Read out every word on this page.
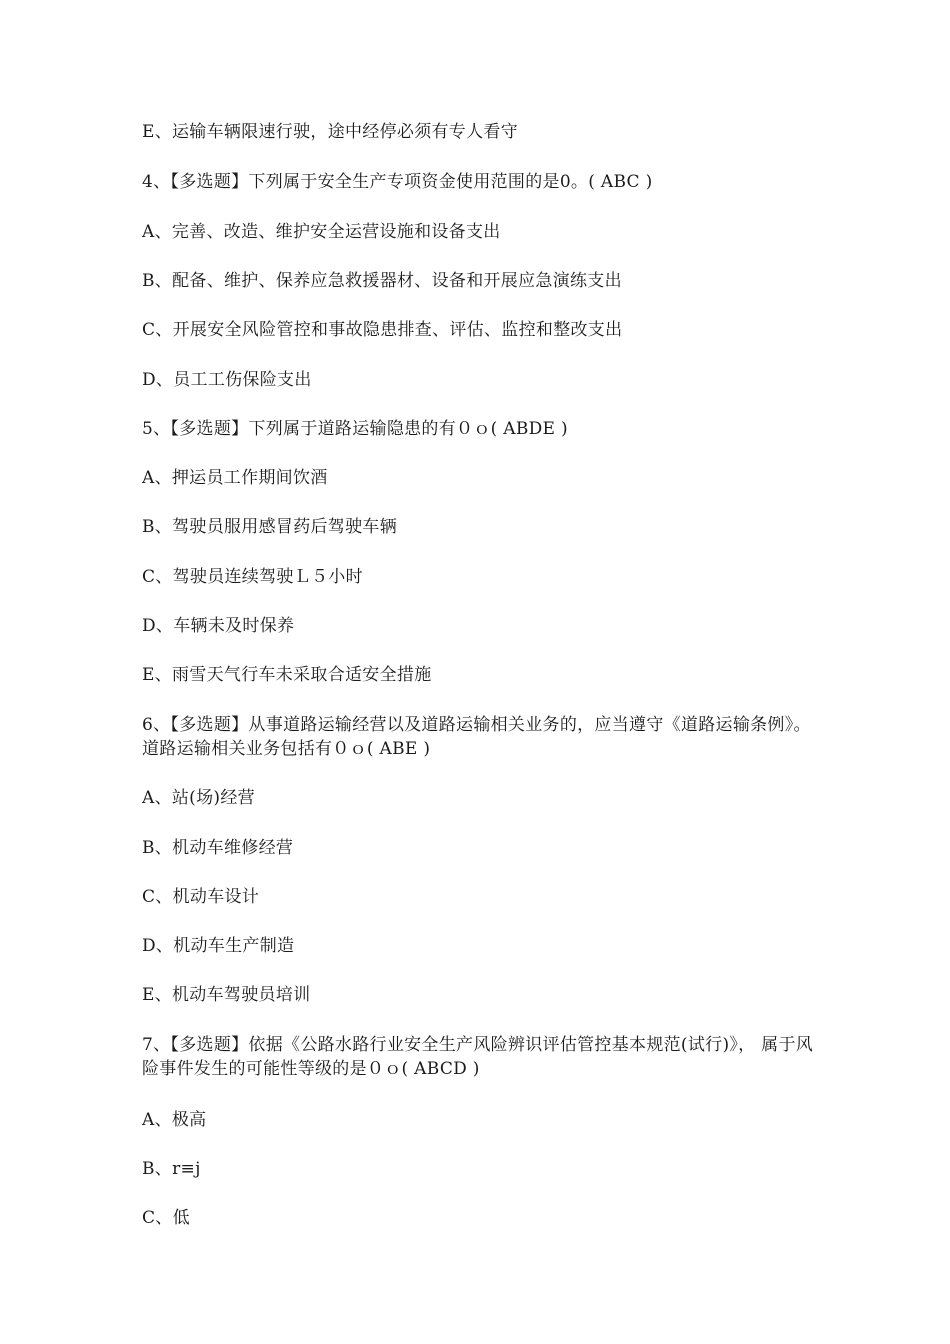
E、运输车辆限速行驶，途中经停必须有专人看守
4、【多选题】下列属于安全生产专项资金使用范围的是0。( ABC )
A、完善、改造、维护安全运营设施和设备支出
B、配备、维护、保养应急救援器材、设备和开展应急演练支出
C、开展安全风险管控和事故隐患排查、评估、监控和整改支出
D、员工工伤保险支出
5、【多选题】下列属于道路运输隐患的有０ｏ( ABDE )
A、押运员工作期间饮酒
B、驾驶员服用感冒药后驾驶车辆
C、驾驶员连续驾驶Ｌ５小时
D、车辆未及时保养
E、雨雪天气行车未采取合适安全措施
6、【多选题】从事道路运输经营以及道路运输相关业务的，应当遵守《道路运输条例》。道路运输相关业务包括有０ｏ( ABE )
A、站(场)经营
B、机动车维修经营
C、机动车设计
D、机动车生产制造
E、机动车驾驶员培训
7、【多选题】依据《公路水路行业安全生产风险辨识评估管控基本规范(试行)》， 属于风险事件发生的可能性等级的是０ｏ( ABCD )
A、极高
B、r≡j
C、低
